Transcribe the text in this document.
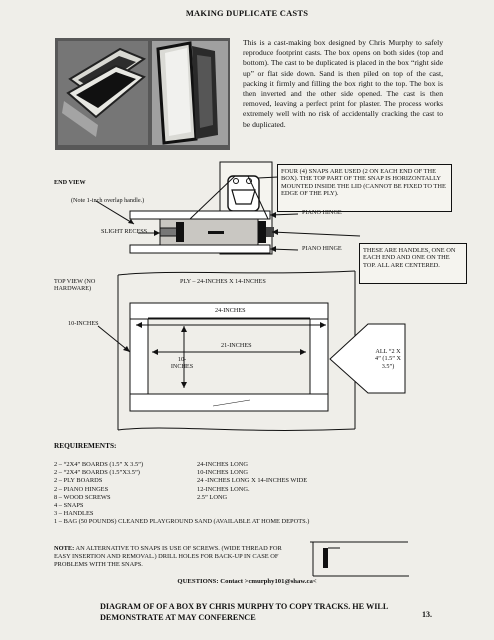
MAKING DUPLICATE CASTS
This is a cast-making box designed by Chris Murphy to safely reproduce footprint casts. The box opens on both sides (top and bottom). The cast to be duplicated is placed in the box “right side up” or flat side down. Sand is then piled on top of the cast, packing it firmly and filling the box right to the top. The box is then inverted and the other side opened. The cast is then removed, leaving a perfect print for plaster. The process works extremely well with no risk of accidentally cracking the cast to be duplicated.
FOUR (4) SNAPS ARE USED (2 ON EACH END OF THE BOX). THE TOP PART OF THE SNAP IS HORIZONTALLY MOUNTED INSIDE THE LID (CANNOT BE FIXED TO THE EDGE OF THE PLY).
THESE ARE HANDLES, ONE ON EACH END AND ONE ON THE TOP. ALL ARE CENTERED.
END VIEW
(Note 1-inch overlap handle.)
SLIGHT RECESS
PIANO HINGE
PIANO HINGE
TOP VIEW (NO HARDWARE)
PLY – 24-INCHES X 14-INCHES
10-INCHES
24-INCHES
21-INCHES
10-INCHES
ALL “2 X 4” (1.5” X 3.5”)
REQUIREMENTS:
2 – “2X4” BOARDS (1.5” X 3.5”)	24-INCHES LONG
2 – “2X4” BOARDS (1.5”X3.5”)	10-INCHES LONG
2 – PLY BOARDS	24 -INCHES LONG X 14-INCHES WIDE
2 – PIANO HINGES	12-INCHES LONG.
8 – WOOD SCREWS	2.5” LONG
4 – SNAPS
3 – HANDLES
1 – BAG (50 POUNDS) CLEANED PLAYGROUND SAND (AVAILABLE AT HOME DEPOTS.)
NOTE: AN ALTERNATIVE TO SNAPS IS USE OF SCREWS. (WIDE THREAD FOR EASY INSERTION AND REMOVAL.) DRILL HOLES FOR BACK-UP IN CASE OF PROBLEMS WITH THE SNAPS.
QUESTIONS: Contact >cmurphy101@shaw.ca<
DIAGRAM OF OF A BOX BY CHRIS MURPHY TO COPY TRACKS. HE WILL DEMONSTRATE AT MAY CONFERENCE	13.
